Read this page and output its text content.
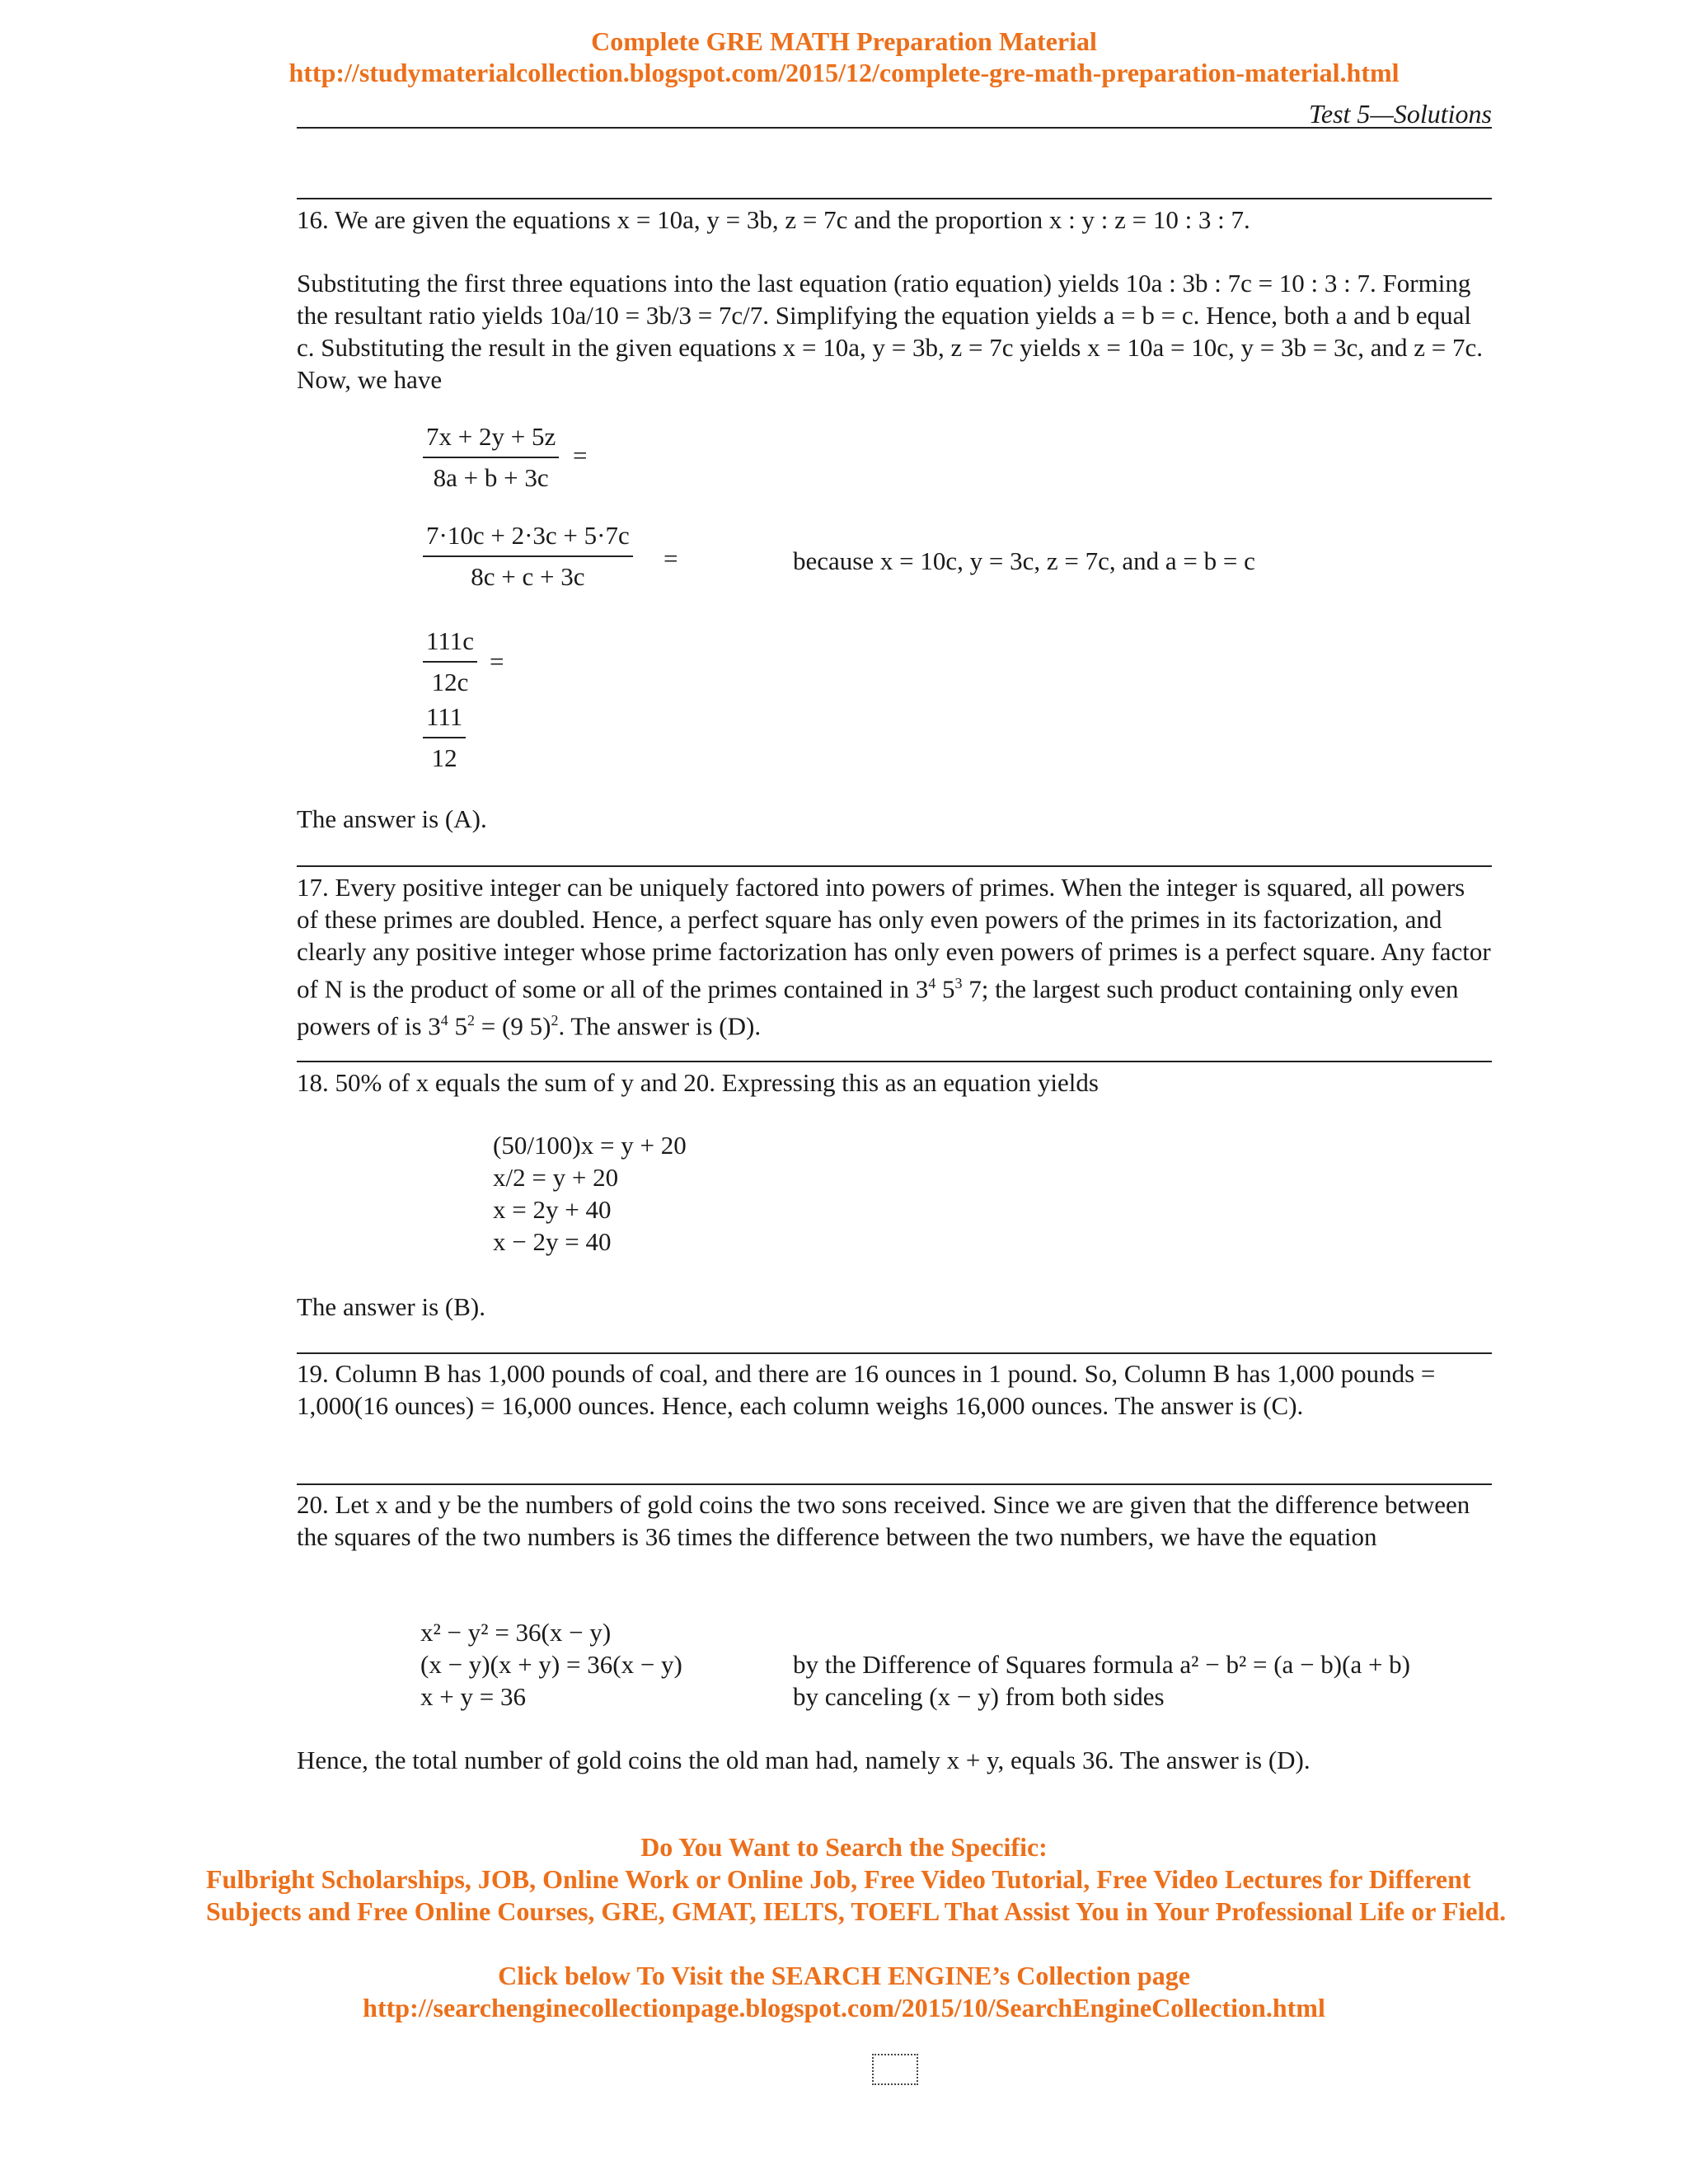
Complete GRE MATH Preparation Material
http://studymaterialcollection.blogspot.com/2015/12/complete-gre-math-preparation-material.html
Test 5—Solutions

16. We are given the equations x = 10a, y = 3b, z = 7c and the proportion x : y : z = 10 : 3 : 7.

Substituting the first three equations into the last equation (ratio equation) yields 10a : 3b : 7c = 10 : 3 : 7. Forming the resultant ratio yields 10a/10 = 3b/3 = 7c/7. Simplifying the equation yields a = b = c. Hence, both a and b equal c. Substituting the result in the given equations x = 10a, y = 3b, z = 7c yields x = 10a = 10c, y = 3b = 3c, and z = 7c. Now, we have

$\frac{7x + 2y + 5z}{8a + b + 3c}$ =
$\frac{7\cdot 10c + 2\cdot 3c + 5\cdot 7c}{8c + c + 3c}$ =	because x = 10c, y = 3c, z = 7c, and a = b = c
$\frac{111c}{12c}$ =
$\frac{111}{12}$

The answer is (A).

17. Every positive integer can be uniquely factored into powers of primes. When the integer is squared, all powers of these primes are doubled. Hence, a perfect square has only even powers of the primes in its factorization, and clearly any positive integer whose prime factorization has only even powers of primes is a perfect square. Any factor of N is the product of some or all of the primes contained in $3^4$ $5^3$ 7; the largest such product containing only even powers of is $3^4$ $5^2 = (9$ 5)$^2$. The answer is (D).

18. 50% of x equals the sum of y and 20. Expressing this as an equation yields

(50/100)x = y + 20
x/2 = y + 20
x = 2y + 40
x − 2y = 40

The answer is (B).

19. Column B has 1,000 pounds of coal, and there are 16 ounces in 1 pound. So, Column B has 1,000 pounds = 1,000(16 ounces) = 16,000 ounces. Hence, each column weighs 16,000 ounces. The answer is (C).

20. Let x and y be the numbers of gold coins the two sons received. Since we are given that the difference between the squares of the two numbers is 36 times the difference between the two numbers, we have the equation

x² − y² = 36(x − y)
(x − y)(x + y) = 36(x − y)
x + y = 36
by the Difference of Squares formula a² − b² = (a − b)(a + b)
by canceling (x − y) from both sides

Hence, the total number of gold coins the old man had, namely x + y, equals 36. The answer is (D).

Do You Want to Search the Specific:
Fulbright Scholarships, JOB, Online Work or Online Job, Free Video Tutorial, Free Video Lectures for Different Subjects and Free Online Courses, GRE, GMAT, IELTS, TOEFL That Assist You in Your Professional Life or Field.
Click below To Visit the SEARCH ENGINE’s Collection page
http://searchenginecollectionpage.blogspot.com/2015/10/SearchEngineCollection.html
